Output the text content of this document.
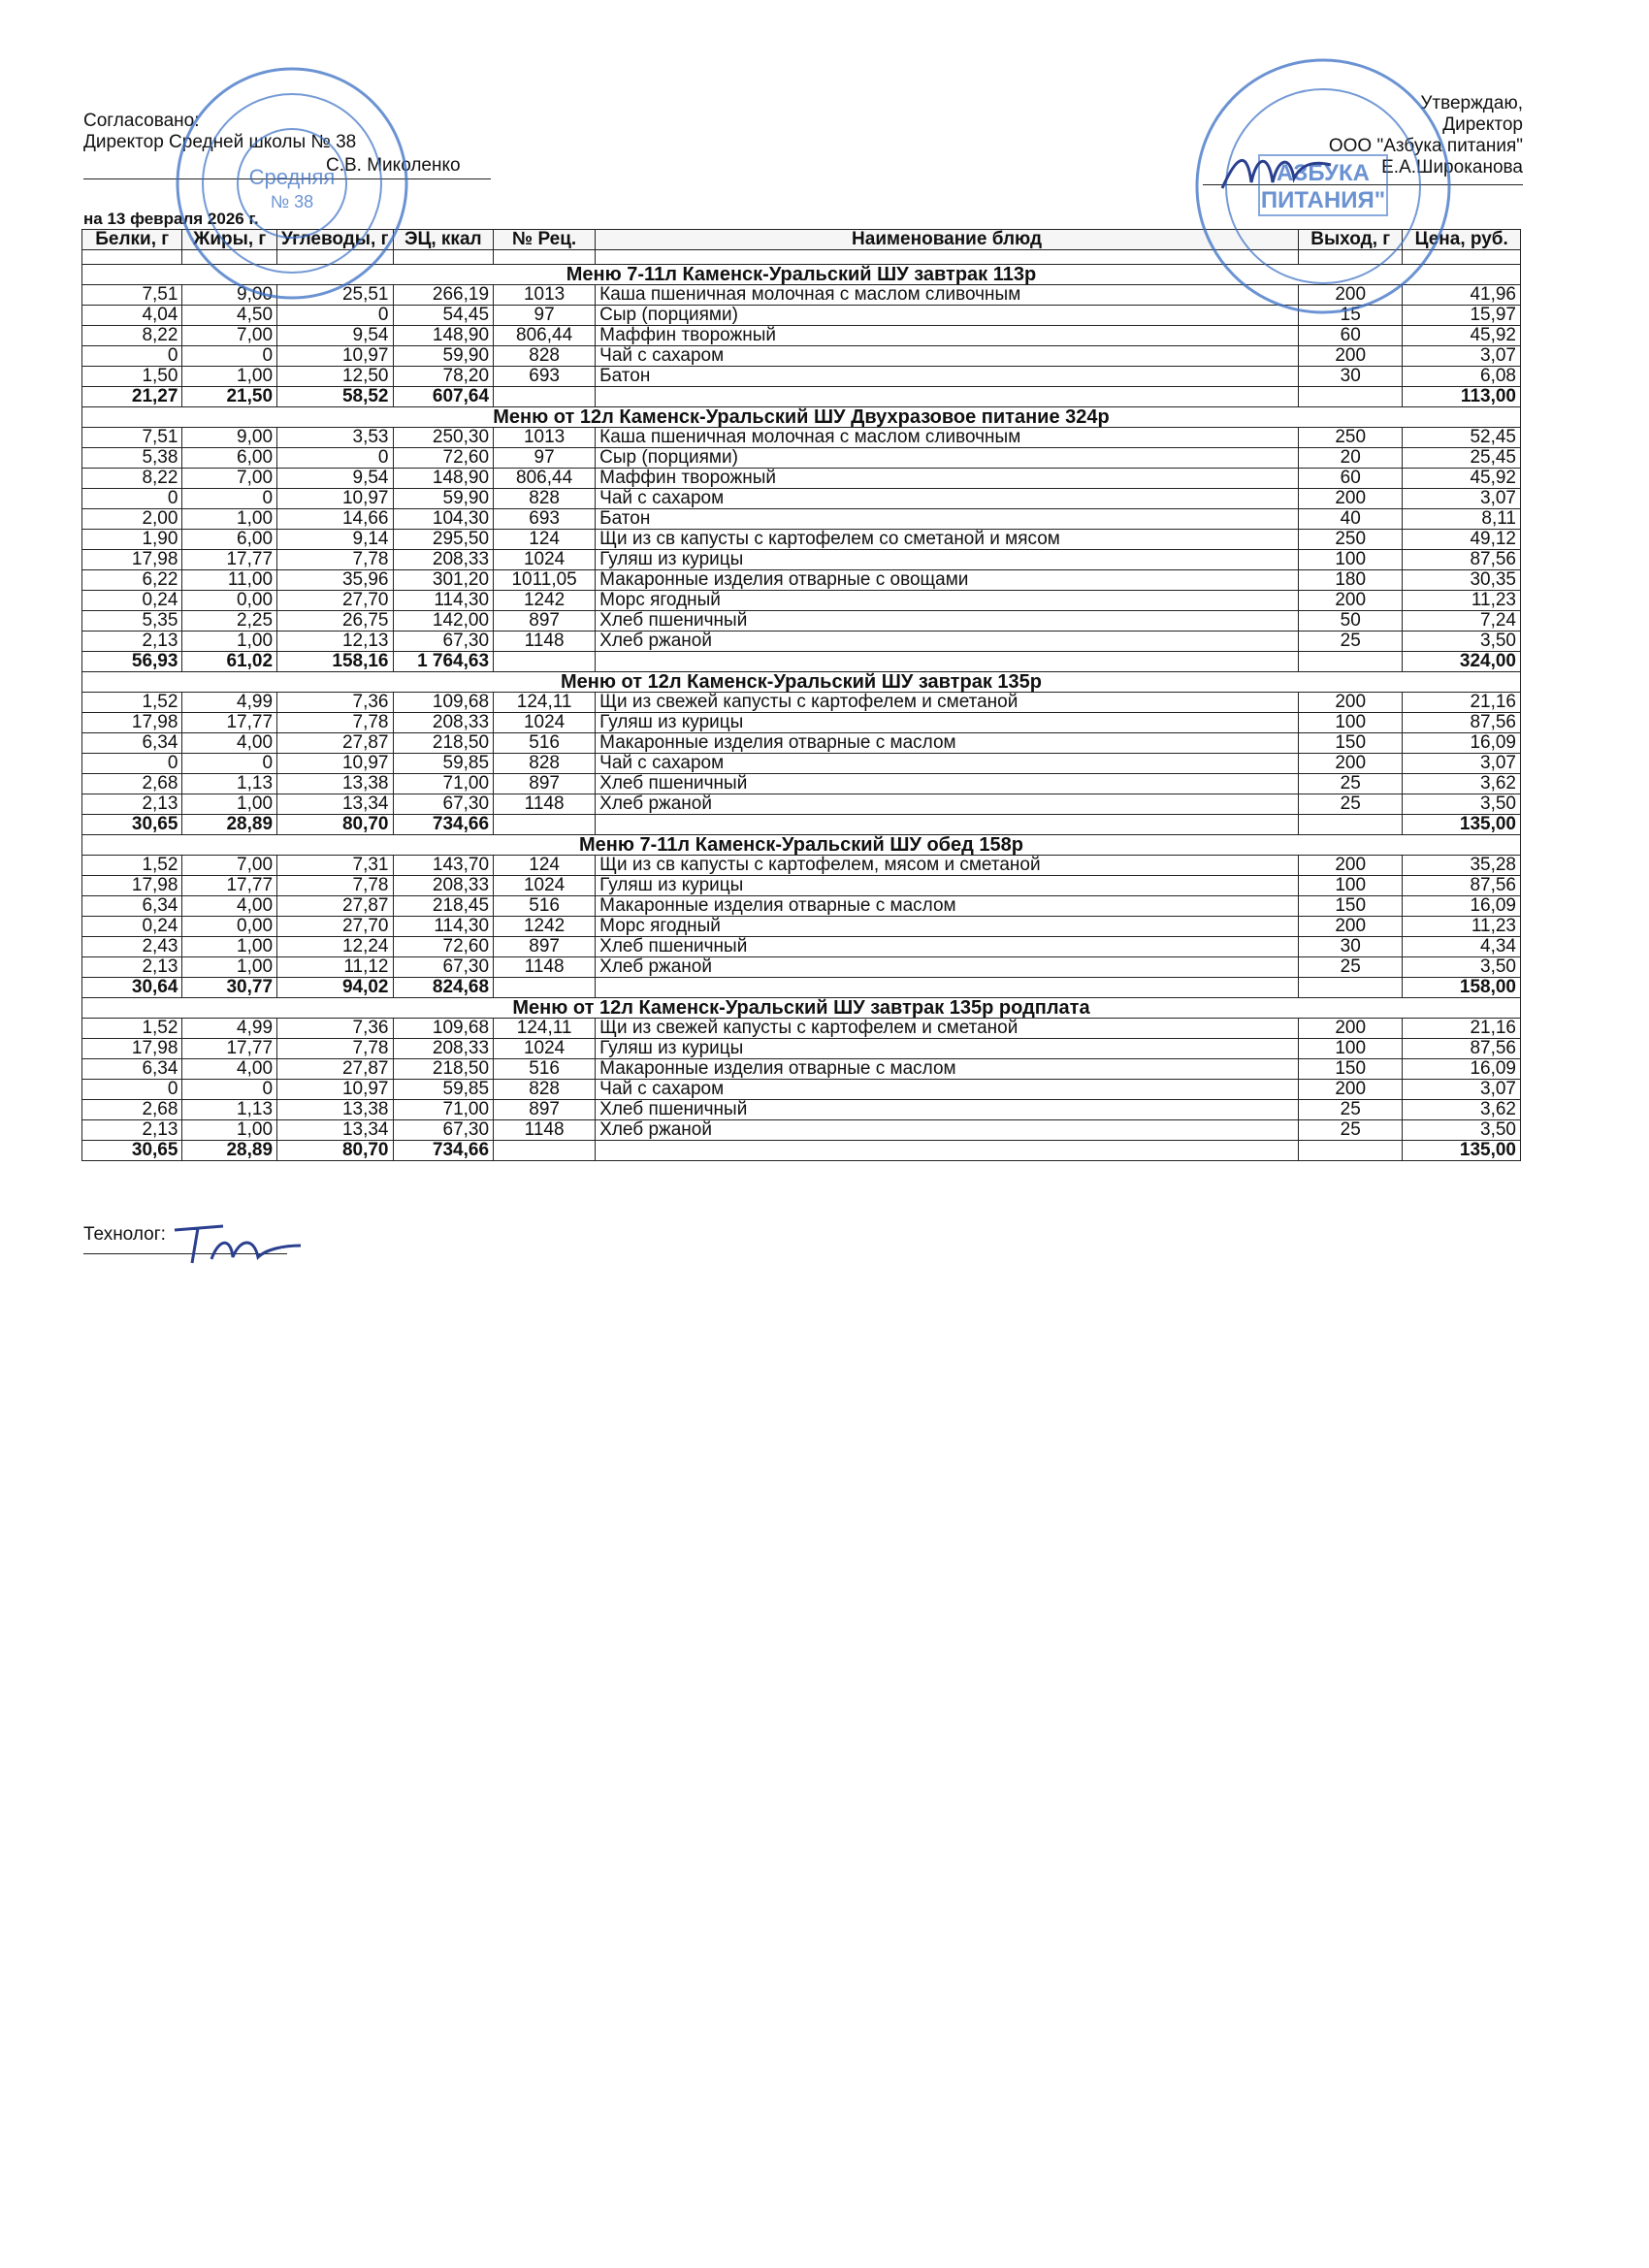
Согласовано:
Директор Средней школы № 38
С.В. Миколенко
Утверждаю,
Директор
ООО "Азбука питания"
Е.А.Широканова
на 13 февраля 2026 г.
Белки, г	Жиры, г	Углеводы, г	ЭЦ, ккал	№ Рец.	Наименование блюд	Выход, г	Цена, руб.

Меню 7-11л Каменск-Уральский ШУ завтрак 113р							
7,51	9,00	25,51	266,19	1013	Каша пшеничная молочная с маслом сливочным	200	41,96
4,04	4,50	0	54,45	97	Сыр (порциями)	15	15,97
8,22	7,00	9,54	148,90	806,44	Маффин творожный	60	45,92
0	0	10,97	59,90	828	Чай с сахаром	200	3,07
1,50	1,00	12,50	78,20	693	Батон	30	6,08
21,27	21,50	58,52	607,64				113,00
Меню от 12л Каменск-Уральский ШУ Двухразовое питание 324р							
7,51	9,00	3,53	250,30	1013	Каша пшеничная молочная с маслом сливочным	250	52,45
5,38	6,00	0	72,60	97	Сыр (порциями)	20	25,45
8,22	7,00	9,54	148,90	806,44	Маффин творожный	60	45,92
0	0	10,97	59,90	828	Чай с сахаром	200	3,07
2,00	1,00	14,66	104,30	693	Батон	40	8,11
1,90	6,00	9,14	295,50	124	Щи из св капусты с картофелем со сметаной и мясом	250	49,12
17,98	17,77	7,78	208,33	1024	Гуляш из курицы	100	87,56
6,22	11,00	35,96	301,20	1011,05	Макаронные изделия отварные с овощами	180	30,35
0,24	0,00	27,70	114,30	1242	Морс ягодный	200	11,23
5,35	2,25	26,75	142,00	897	Хлеб пшеничный	50	7,24
2,13	1,00	12,13	67,30	1148	Хлеб ржаной	25	3,50
56,93	61,02	158,16	1 764,63				324,00
Меню от 12л Каменск-Уральский ШУ завтрак 135р							
1,52	4,99	7,36	109,68	124,11	Щи из свежей капусты с картофелем и сметаной	200	21,16
17,98	17,77	7,78	208,33	1024	Гуляш из курицы	100	87,56
6,34	4,00	27,87	218,50	516	Макаронные изделия отварные с маслом	150	16,09
0	0	10,97	59,85	828	Чай с сахаром	200	3,07
2,68	1,13	13,38	71,00	897	Хлеб пшеничный	25	3,62
2,13	1,00	13,34	67,30	1148	Хлеб ржаной	25	3,50
30,65	28,89	80,70	734,66				135,00
Меню 7-11л Каменск-Уральский ШУ обед 158р							
1,52	7,00	7,31	143,70	124	Щи из св капусты с картофелем, мясом и сметаной	200	35,28
17,98	17,77	7,78	208,33	1024	Гуляш из курицы	100	87,56
6,34	4,00	27,87	218,45	516	Макаронные изделия отварные с маслом	150	16,09
0,24	0,00	27,70	114,30	1242	Морс ягодный	200	11,23
2,43	1,00	12,24	72,60	897	Хлеб пшеничный	30	4,34
2,13	1,00	11,12	67,30	1148	Хлеб ржаной	25	3,50
30,64	30,77	94,02	824,68				158,00
Меню от 12л Каменск-Уральский ШУ завтрак 135р родплата							
1,52	4,99	7,36	109,68	124,11	Щи из свежей капусты с картофелем и сметаной	200	21,16
17,98	17,77	7,78	208,33	1024	Гуляш из курицы	100	87,56
6,34	4,00	27,87	218,50	516	Макаронные изделия отварные с маслом	150	16,09
0	0	10,97	59,85	828	Чай с сахаром	200	3,07
2,68	1,13	13,38	71,00	897	Хлеб пшеничный	25	3,62
2,13	1,00	13,34	67,30	1148	Хлеб ржаной	25	3,50
30,65	28,89	80,70	734,66				135,00
Технолог:
Средняя
№ 38
АЗБУКА
ПИТАНИЯ"
